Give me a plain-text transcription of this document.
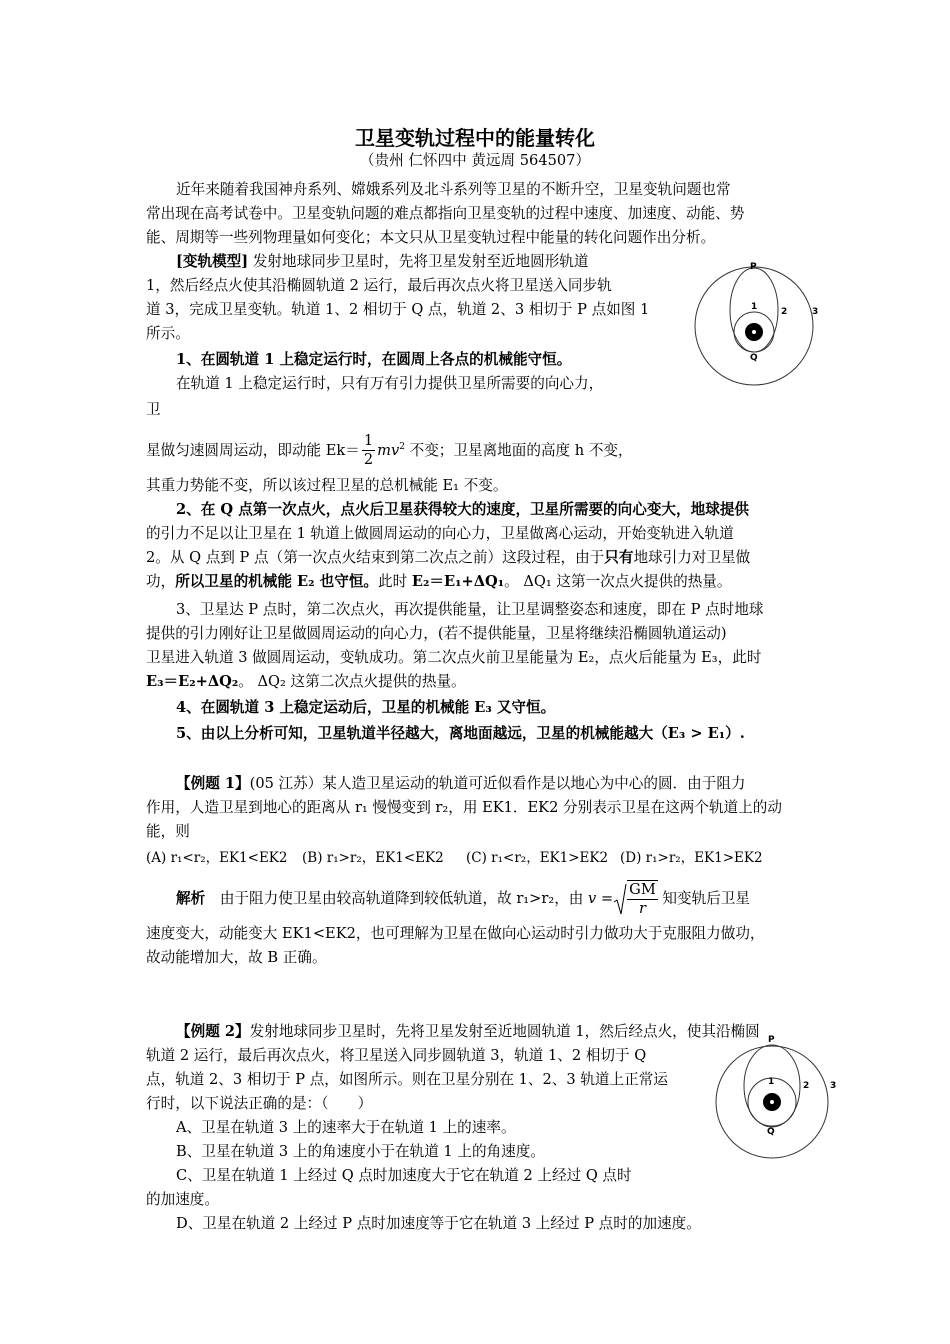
卫星变轨过程中的能量转化
（贵州 仁怀四中 黄远周 564507）
近年来随着我国神舟系列、嫦娥系列及北斗系列等卫星的不断升空，卫星变轨问题也常
常出现在高考试卷中。卫星变轨问题的难点都指向卫星变轨的过程中速度、加速度、动能、势
能、周期等一些列物理量如何变化；本文只从卫星变轨过程中能量的转化问题作出分析。
[变轨模型] 发射地球同步卫星时，先将卫星发射至近地圆形轨道
1，然后经点火使其沿椭圆轨道 2 运行，最后再次点火将卫星送入同步轨
道 3，完成卫星变轨。轨道 1、2 相切于 Q 点，轨道 2、3 相切于 P 点如图 1
所示。
P
Q
1	2	3
1、在圆轨道 1 上稳定运行时，在圆周上各点的机械能守恒。
在轨道 1 上稳定运行时，只有万有引力提供卫星所需要的向心力，
卫
星做匀速圆周运动，即动能 $Ek= \frac{1}{2} mv^2$ 不变；卫星离地面的高度 h 不变，
其重力势能不变，所以该过程卫星的总机械能 E₁ 不变。
2、在 Q 点第一次点火，点火后卫星获得较大的速度，卫星所需要的向心变大，地球提供
的引力不足以让卫星在 1 轨道上做圆周运动的向心力，卫星做离心运动，开始变轨进入轨道
2。从 Q 点到 P 点（第一次点火结束到第二次点之前）这段过程，由于只有地球引力对卫星做
功，所以卫星的机械能 E₂ 也守恒。此时 E₂＝E₁+ΔQ₁。 ΔQ₁ 这第一次点火提供的热量。
3、卫星达 P 点时，第二次点火，再次提供能量，让卫星调整姿态和速度，即在 P 点时地球
提供的引力刚好让卫星做圆周运动的向心力，(若不提供能量，卫星将继续沿椭圆轨道运动)
卫星进入轨道 3 做圆周运动，变轨成功。第二次点火前卫星能量为 E₂，点火后能量为 E₃，此时
E₃＝E₂+ΔQ₂。 ΔQ₂ 这第二次点火提供的热量。
4、在圆轨道 3 上稳定运动后，卫星的机械能 E₃ 又守恒。
5、由以上分析可知，卫星轨道半径越大，离地面越远，卫星的机械能越大（E₃ > E₁）.
【例题 1】(05 江苏）某人造卫星运动的轨道可近似看作是以地心为中心的圆．由于阻力
作用，人造卫星到地心的距离从 r₁ 慢慢变到 r₂，用 EK1．EK2 分别表示卫星在这两个轨道上的动
能，则
(A) r₁<r₂，EK1<EK2 (B) r₁>r₂，EK1<EK2 (C) r₁<r₂，EK1>EK2 (D) r₁>r₂，EK1>EK2
解析　 由于阻力使卫星由较高轨道降到较低轨道，故 r₁>r₂，由 $v = \frac{GM}{r}$ 知变轨后卫星
速度变大，动能变大 EK1<EK2，也可理解为卫星在做向心运动时引力做功大于克服阻力做功，
故动能增加大，故 B 正确。
【例题 2】发射地球同步卫星时，先将卫星发射至近地圆轨道 1，然后经点火，使其沿椭圆
轨道 2 运行，最后再次点火，将卫星送入同步圆轨道 3，轨道 1、2 相切于 Q
点，轨道 2、3 相切于 P 点，如图所示。则在卫星分别在 1、2、3 轨道上正常运
行时，以下说法正确的是：（　　）
A、卫星在轨道 3 上的速率大于在轨道 1 上的速率。
B、卫星在轨道 3 上的角速度小于在轨道 1 上的角速度。
C、卫星在轨道 1 上经过 Q 点时加速度大于它在轨道 2 上经过 Q 点时
的加速度。
D、卫星在轨道 2 上经过 P 点时加速度等于它在轨道 3 上经过 P 点时的加速度。
P
Q
1	2 3
